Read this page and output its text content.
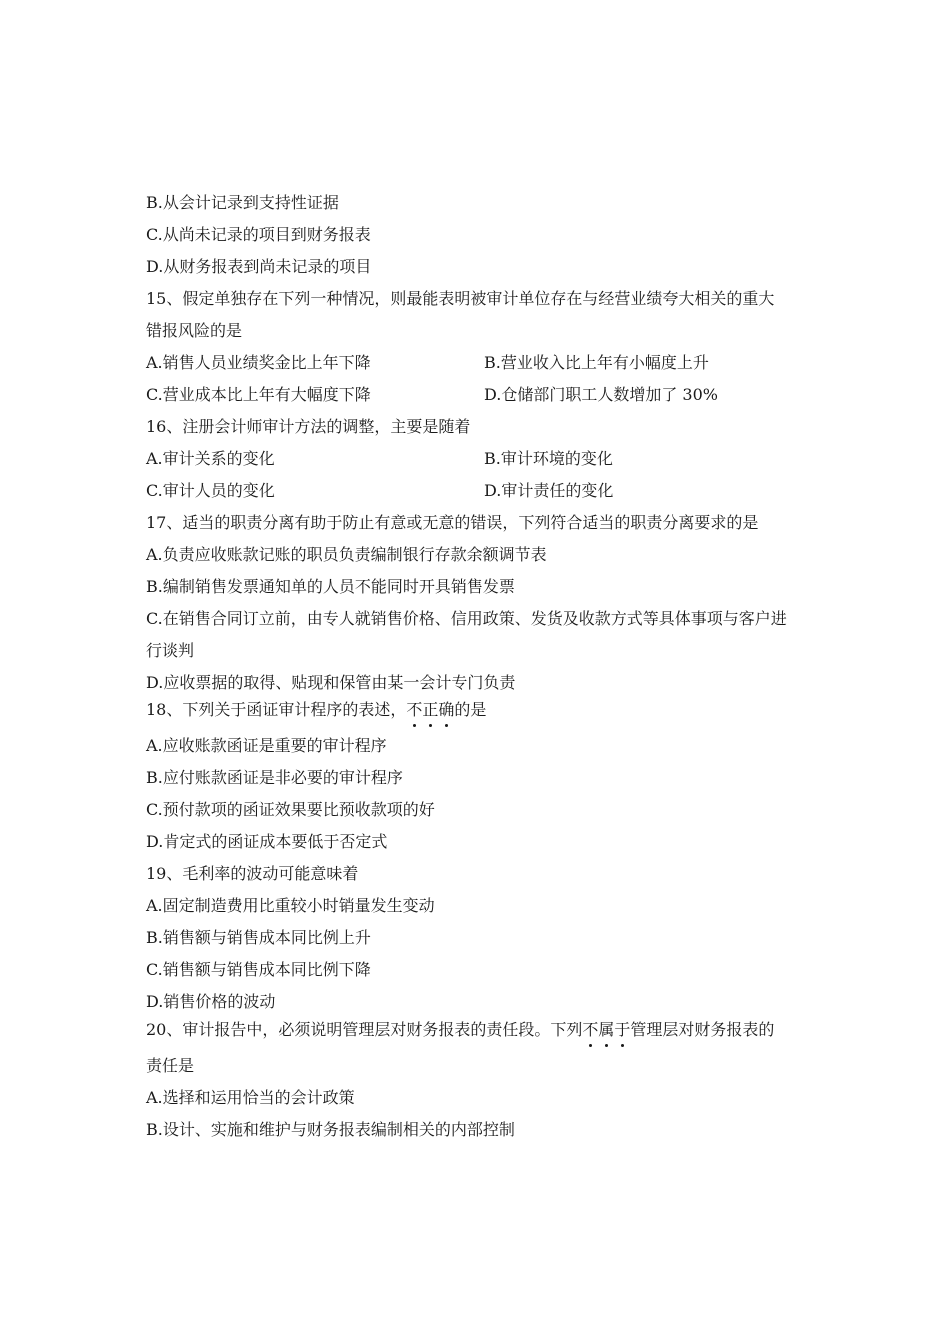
B.从会计记录到支持性证据
C.从尚未记录的项目到财务报表
D.从财务报表到尚未记录的项目
15、假定单独存在下列一种情况，则最能表明被审计单位存在与经营业绩夸大相关的重大
错报风险的是
A.销售人员业绩奖金比上年下降	B.营业收入比上年有小幅度上升
C.营业成本比上年有大幅度下降	D.仓储部门职工人数增加了 30%
16、注册会计师审计方法的调整，主要是随着
A.审计关系的变化	B.审计环境的变化
C.审计人员的变化	D.审计责任的变化
17、适当的职责分离有助于防止有意或无意的错误，下列符合适当的职责分离要求的是
A.负责应收账款记账的职员负责编制银行存款余额调节表
B.编制销售发票通知单的人员不能同时开具销售发票
C.在销售合同订立前，由专人就销售价格、信用政策、发货及收款方式等具体事项与客户进
行谈判
D.应收票据的取得、贴现和保管由某一会计专门负责
18、下列关于函证审计程序的表述，不正确的是
A.应收账款函证是重要的审计程序
B.应付账款函证是非必要的审计程序
C.预付款项的函证效果要比预收款项的好
D.肯定式的函证成本要低于否定式
19、毛利率的波动可能意味着
A.固定制造费用比重较小时销量发生变动
B.销售额与销售成本同比例上升
C.销售额与销售成本同比例下降
D.销售价格的波动
20、审计报告中，必须说明管理层对财务报表的责任段。下列不属于管理层对财务报表的
责任是
A.选择和运用恰当的会计政策
B.设计、实施和维护与财务报表编制相关的内部控制
